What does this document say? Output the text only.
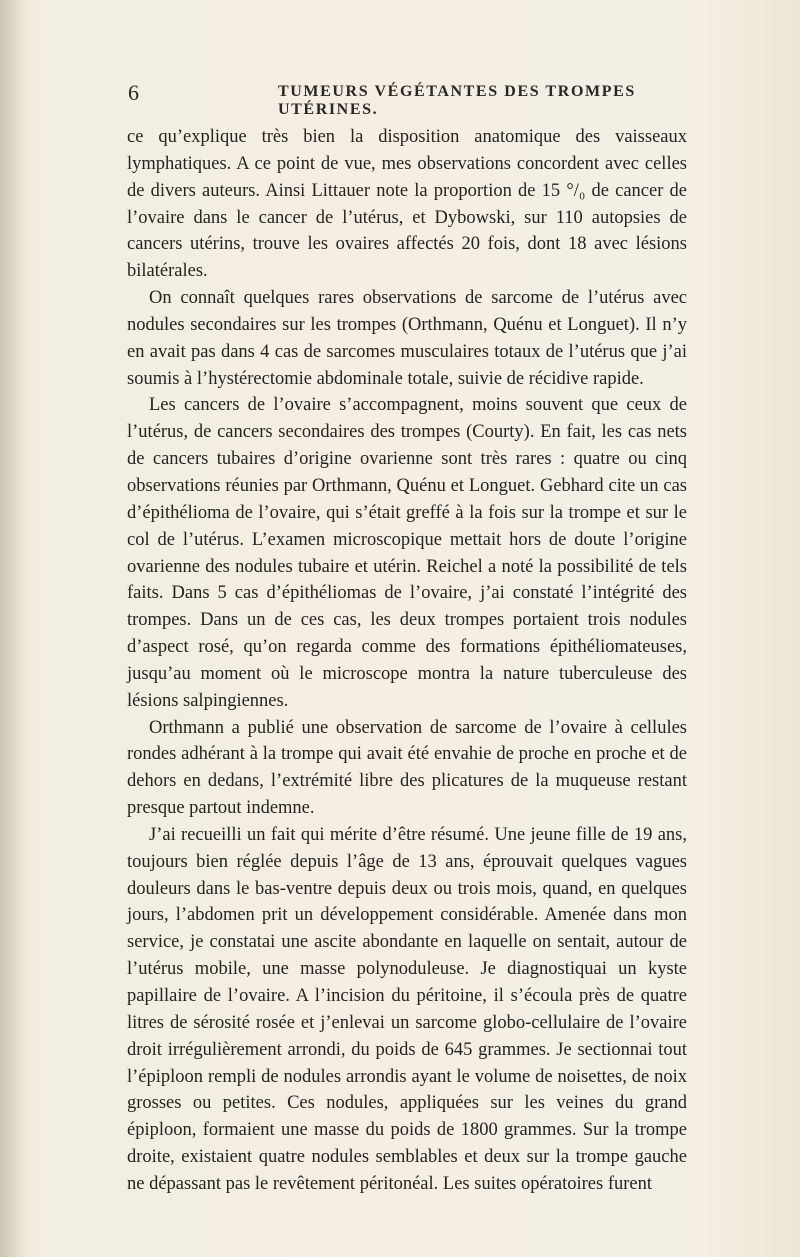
6	TUMEURS VÉGÉTANTES DES TROMPES UTÉRINES.

ce qu’explique très bien la disposition anatomique des vaisseaux lymphatiques. A ce point de vue, mes observations concordent avec celles de divers auteurs. Ainsi Littauer note la proportion de 15 °/₀ de cancer de l’ovaire dans le cancer de l’utérus, et Dybowski, sur 110 autopsies de cancers utérins, trouve les ovaires affectés 20 fois, dont 18 avec lésions bilatérales.

On connaît quelques rares observations de sarcome de l’utérus avec nodules secondaires sur les trompes (Orthmann, Quénu et Longuet). Il n’y en avait pas dans 4 cas de sarcomes musculaires totaux de l’utérus que j’ai soumis à l’hystérectomie abdominale totale, suivie de récidive rapide.

Les cancers de l’ovaire s’accompagnent, moins souvent que ceux de l’utérus, de cancers secondaires des trompes (Courty). En fait, les cas nets de cancers tubaires d’origine ovarienne sont très rares : quatre ou cinq observations réunies par Orthmann, Quénu et Longuet. Gebhard cite un cas d’épithélioma de l’ovaire, qui s’était greffé à la fois sur la trompe et sur le col de l’utérus. L’examen microscopique mettait hors de doute l’origine ovarienne des nodules tubaire et utérin. Reichel a noté la possibilité de tels faits. Dans 5 cas d’épithéliomas de l’ovaire, j’ai constaté l’intégrité des trompes. Dans un de ces cas, les deux trompes portaient trois nodules d’aspect rosé, qu’on regarda comme des formations épithéliomateuses, jusqu’au moment où le microscope montra la nature tuberculeuse des lésions salpingiennes.

Orthmann a publié une observation de sarcome de l’ovaire à cellules rondes adhérant à la trompe qui avait été envahie de proche en proche et de dehors en dedans, l’extrémité libre des plicatures de la muqueuse restant presque partout indemne.

J’ai recueilli un fait qui mérite d’être résumé. Une jeune fille de 19 ans, toujours bien réglée depuis l’âge de 13 ans, éprouvait quelques vagues douleurs dans le bas-ventre depuis deux ou trois mois, quand, en quelques jours, l’abdomen prit un développement considérable. Amenée dans mon service, je constatai une ascite abondante en laquelle on sentait, autour de l’utérus mobile, une masse polynoduleuse. Je diagnostiquai un kyste papillaire de l’ovaire. A l’incision du péritoine, il s’écoula près de quatre litres de sérosité rosée et j’enlevai un sarcome globo-cellulaire de l’ovaire droit irrégulièrement arrondi, du poids de 645 grammes. Je sectionnai tout l’épiploon rempli de nodules arrondis ayant le volume de noisettes, de noix grosses ou petites. Ces nodules, appliquées sur les veines du grand épiploon, formaient une masse du poids de 1800 grammes. Sur la trompe droite, existaient quatre nodules semblables et deux sur la trompe gauche ne dépassant pas le revêtement péritonéal. Les suites opératoires furent
